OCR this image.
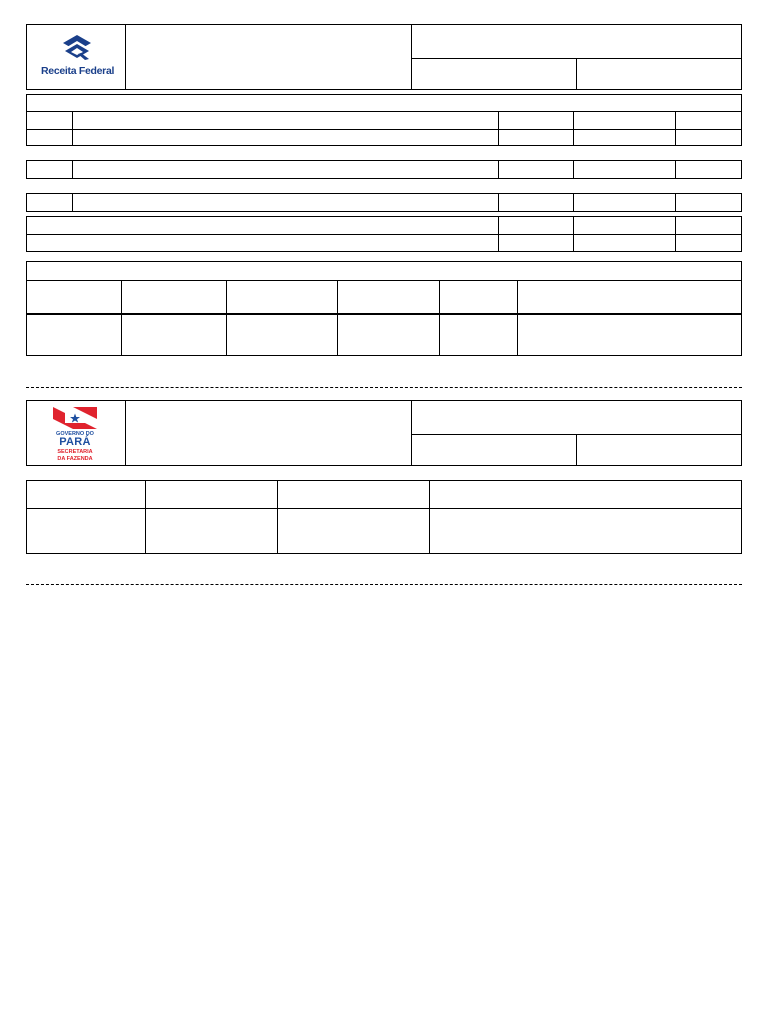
Receita Federal
GOVERNO DO
PARÁ
SECRETARIA
DA FAZENDA
